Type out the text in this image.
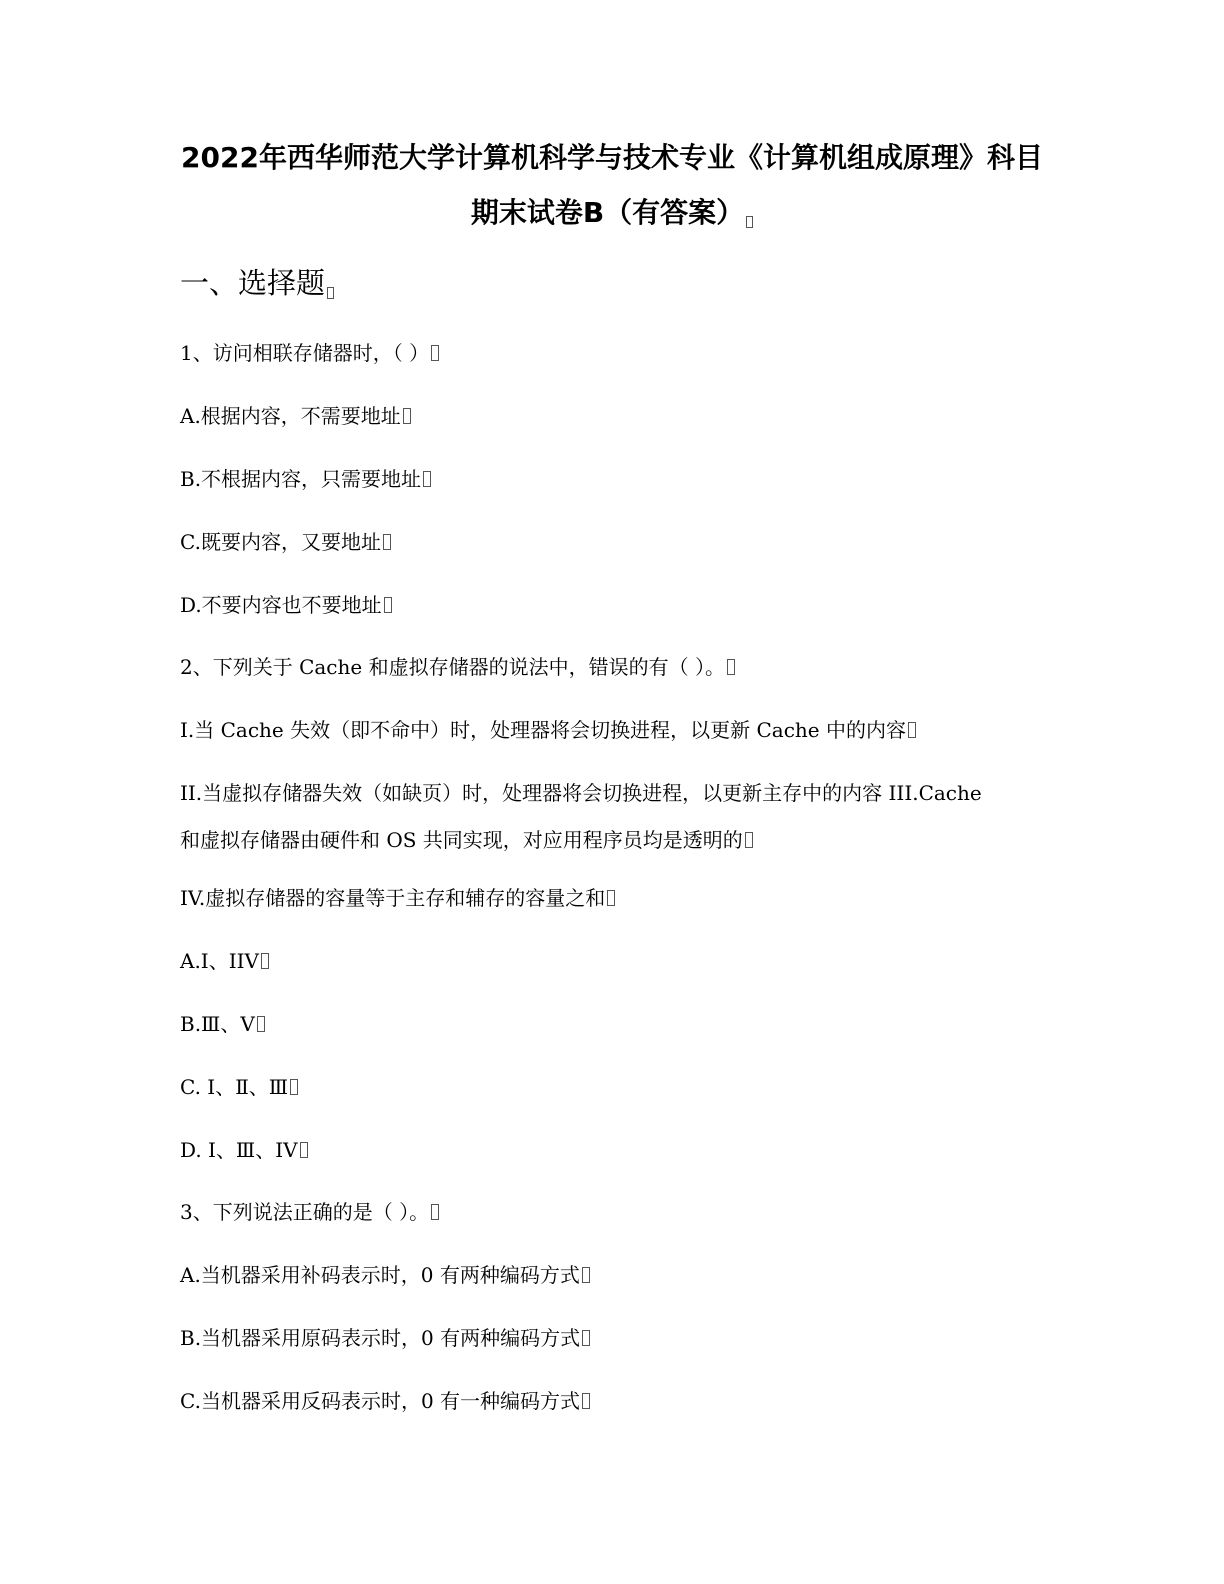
2022年西华师范大学计算机科学与技术专业《计算机组成原理》科目
期末试卷B（有答案）
一、选择题
1、访问相联存储器时，（ ）
A.根据内容，不需要地址
B.不根据内容，只需要地址
C.既要内容，又要地址
D.不要内容也不要地址
2、下列关于 Cache 和虚拟存储器的说法中，错误的有（ ）。
I.当 Cache 失效（即不命中）时，处理器将会切换进程，以更新 Cache 中的内容
II.当虚拟存储器失效（如缺页）时，处理器将会切换进程，以更新主存中的内容 III.Cache
和虚拟存储器由硬件和 OS 共同实现，对应用程序员均是透明的
IV.虚拟存储器的容量等于主存和辅存的容量之和
A.I、IIV
B.Ⅲ、Ⅴ
C. I、Ⅱ、Ⅲ
D. I、Ⅲ、IV
3、下列说法正确的是（ ）。
A.当机器采用补码表示时，0 有两种编码方式
B.当机器采用原码表示时，0 有两种编码方式
C.当机器采用反码表示时，0 有一种编码方式
